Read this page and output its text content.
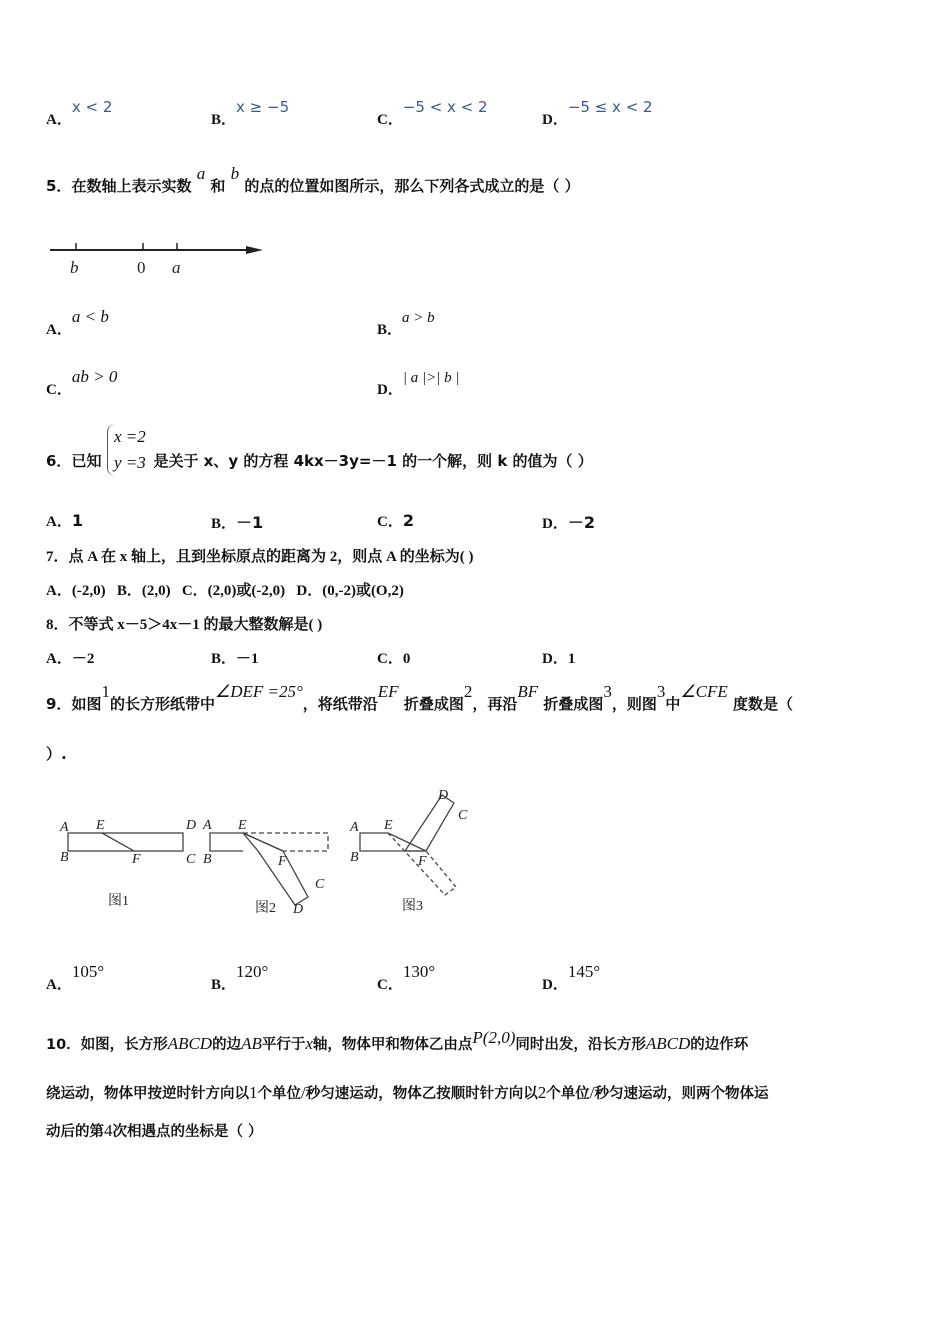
A．x < 2
B．x ≥ −5
C．−5 < x < 2
D．−5 ≤ x < 2
5．在数轴上表示实数 a 和 b 的点的位置如图所示，那么下列各式成立的是（ ）
b	0 a
A．a < b
B．a > b
C．ab > 0
D．| a |>| b |
6．已知	是关于 x、y 的方程 4kx－3y=－1 的一个解，则 k 的值为（ ）
x =2
y =3
A．1	B．－1	C．2	D．－2
7．点 A 在 x 轴上，且到坐标原点的距离为 2，则点 A 的坐标为( )
A．(-2,0)   B．(2,0)   C．(2,0)或(-2,0)   D．(0,-2)或(O,2)
8．不等式 x－5＞4x－1 的最大整数解是( )
A．－2	B．－1	C．0	D．1
9．如图1的长方形纸带中∠DEF =25°，将纸带沿EF 折叠成图2，再沿BF 折叠成图3，则图3中∠CFE 度数是（
）.
A
B
E
F
D
C
图1
A
B
E
F
C
D
图2
A
B
E
F
C
D
图3
A．105°
B．120°
C．130°
D．145°
10．如图，长方形ABCD的边AB平行于x轴，物体甲和物体乙由点P(2,0)同时出发，沿长方形ABCD的边作环
绕运动，物体甲按逆时针方向以1个单位/秒匀速运动，物体乙按顺时针方向以2个单位/秒匀速运动，则两个物体运
动后的第4次相遇点的坐标是（ ）
